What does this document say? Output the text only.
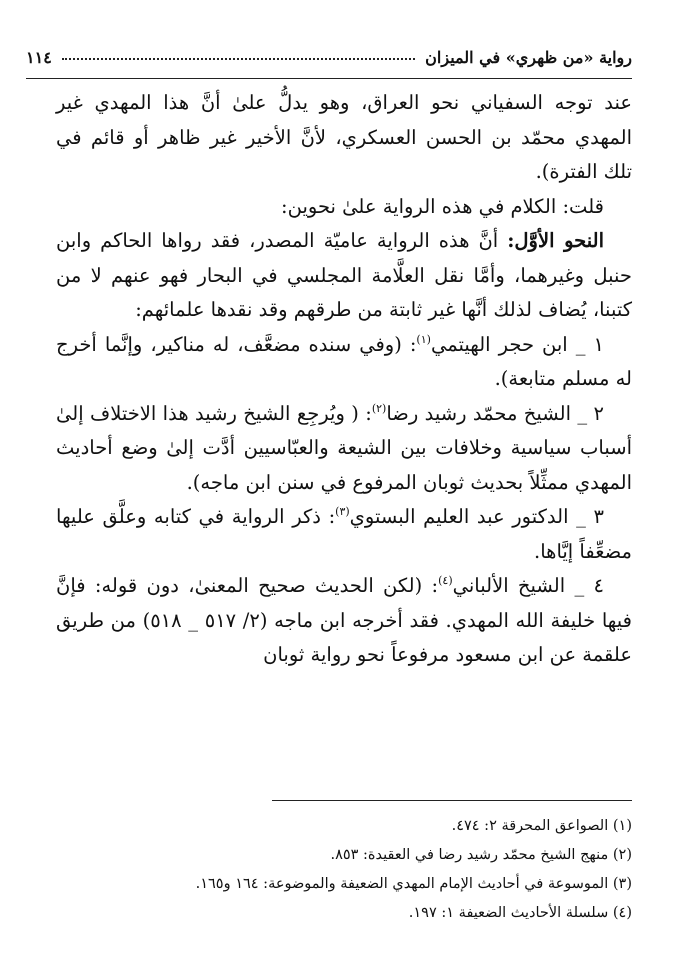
١١٤	رواية «من ظهري» في الميزان

عند توجه السفياني نحو العراق، وهو يدلُّ علىٰ أنَّ هذا المهدي غير المهدي محمّد بن الحسن العسكري، لأنَّ الأخير غير ظاهر أو قائم في تلك الفترة).

قلت: الكلام في هذه الرواية علىٰ نحوين:

النحو الأوَّل: أنَّ هذه الرواية عاميّة المصدر، فقد رواها الحاكم وابن حنبل وغيرهما، وأمَّا نقل العلَّامة المجلسي في البحار فهو عنهم لا من كتبنا، يُضاف لذلك أنَّها غير ثابتة من طرقهم وقد نقدها علمائهم:

١ _ ابن حجر الهيتمي$^{(١)}$: (وفي سنده مضعَّف، له مناكير، وإنَّما أخرج له مسلم متابعة).

٢ _ الشيخ محمّد رشيد رضا$^{(٢)}$: ( ويُرجِع الشيخ رشيد هذا الاختلاف إلىٰ أسباب سياسية وخلافات بين الشيعة والعبّاسيين أدَّت إلىٰ وضع أحاديث المهدي ممثِّلاً بحديث ثوبان المرفوع في سنن ابن ماجه).

٣ _ الدكتور عبد العليم البستوي$^{(٣)}$: ذكر الرواية في كتابه وعلَّق عليها مضعِّفاً إيَّاها.

٤ _ الشيخ الألباني$^{(٤)}$: (لكن الحديث صحيح المعنىٰ، دون قوله: فإنَّ فيها خليفة الله المهدي. فقد أخرجه ابن ماجه (٢/ ٥١٧ _ ٥١٨) من طريق علقمة عن ابن مسعود مرفوعاً نحو رواية ثوبان

(١) الصواعق المحرقة ٢: ٤٧٤.

(٢) منهج الشيخ محمّد رشيد رضا في العقيدة: ٨٥٣.

(٣) الموسوعة في أحاديث الإمام المهدي الضعيفة والموضوعة: ١٦٤ و١٦٥.

(٤) سلسلة الأحاديث الضعيفة ١: ١٩٧.
